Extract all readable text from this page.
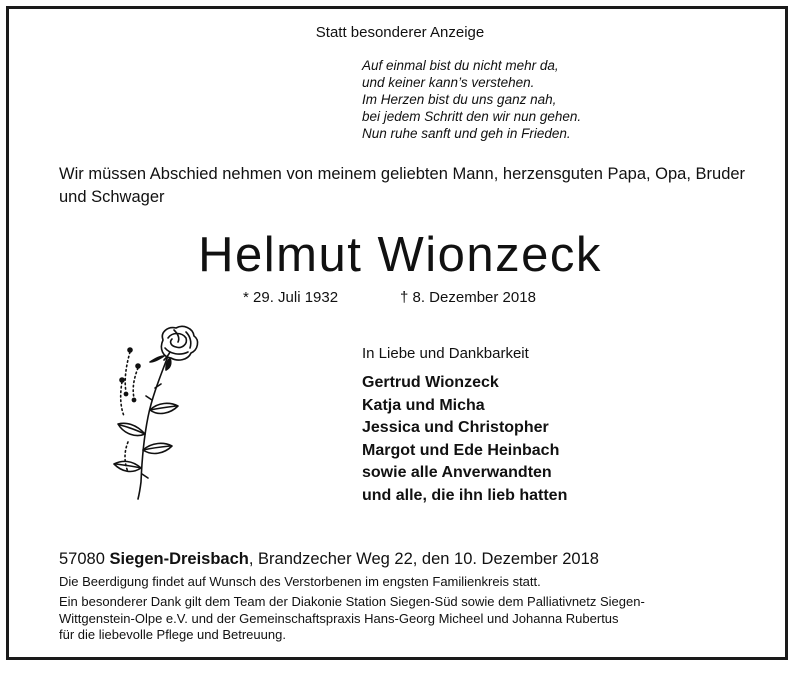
Statt besonderer Anzeige
Auf einmal bist du nicht mehr da,
und keiner kann’s verstehen.
Im Herzen bist du uns ganz nah,
bei jedem Schritt den wir nun gehen.
Nun ruhe sanft und geh in Frieden.
Wir müssen Abschied nehmen von meinem geliebten Mann, herzensguten Papa, Opa, Bruder und Schwager
Helmut Wionzeck
* 29. Juli 1932	† 8. Dezember 2018
In Liebe und Dankbarkeit
Gertrud Wionzeck
Katja und Micha
Jessica und Christopher
Margot und Ede Heinbach
sowie alle Anverwandten
und alle, die ihn lieb hatten
57080 Siegen-Dreisbach, Brandzecher Weg 22, den 10. Dezember 2018
Die Beerdigung findet auf Wunsch des Verstorbenen im engsten Familienkreis statt.
Ein besonderer Dank gilt dem Team der Diakonie Station Siegen-Süd sowie dem Palliativnetz Siegen-
Wittgenstein-Olpe e.V. und der Gemeinschaftspraxis Hans-Georg Micheel und Johanna Rubertus
für die liebevolle Pflege und Betreuung.
